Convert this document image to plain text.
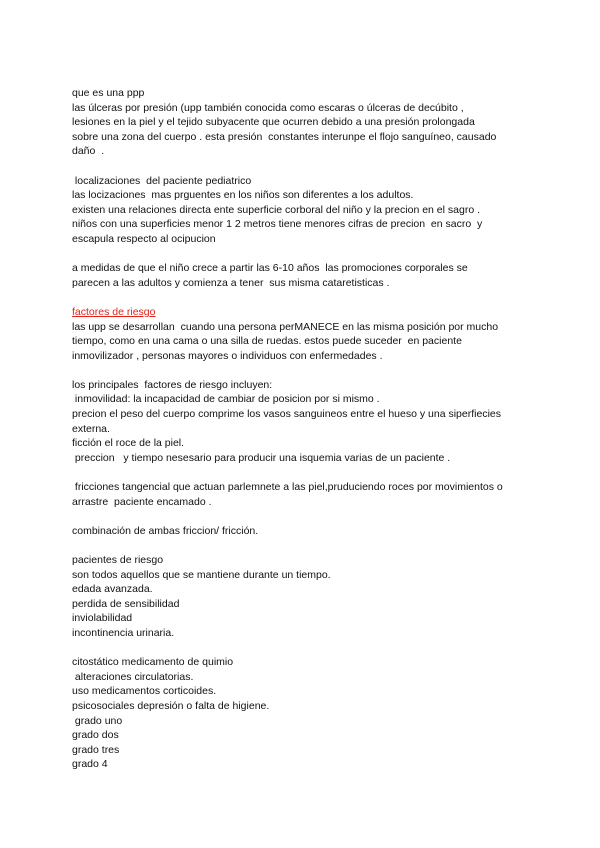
que es una ppp
las úlceras por presión (upp también conocida como escaras o úlceras de decúbito ,
lesiones en la piel y el tejido subyacente que ocurren debido a una presión prolongada
sobre una zona del cuerpo . esta presión  constantes interunpe el flojo sanguíneo, causado
daño  .
localizaciones  del paciente pediatrico
las locizaciones  mas prguentes en los niños son diferentes a los adultos.
existen una relaciones directa ente superficie corboral del niño y la precion en el sagro .
niños con una superficies menor 1 2 metros tiene menores cifras de precion  en sacro  y
escapula respecto al ocipucion
a medidas de que el niño crece a partir las 6-10 años  las promociones corporales se
parecen a las adultos y comienza a tener  sus misma cataretisticas .
factores de riesgo
las upp se desarrollan  cuando una persona perMANECE en las misma posición por mucho
tiempo, como en una cama o una silla de ruedas. estos puede suceder  en paciente
inmovilizador , personas mayores o individuos con enfermedades .
los principales  factores de riesgo incluyen:
inmovilidad: la incapacidad de cambiar de posicion por si mismo .
precion el peso del cuerpo comprime los vasos sanguineos entre el hueso y una siperfiecies
externa.
ficción el roce de la piel.
preccion   y tiempo nesesario para producir una isquemia varias de un paciente .
fricciones tangencial que actuan parlemnete a las piel,pruduciendo roces por movimientos o
arrastre  paciente encamado .
combinación de ambas friccion/ fricción.
pacientes de riesgo
son todos aquellos que se mantiene durante un tiempo.
edada avanzada.
perdida de sensibilidad
inviolabilidad
incontinencia urinaria.
citostático medicamento de quimio
alteraciones circulatorias.
uso medicamentos corticoides.
psicosociales depresión o falta de higiene.
grado uno
grado dos
grado tres
grado 4
